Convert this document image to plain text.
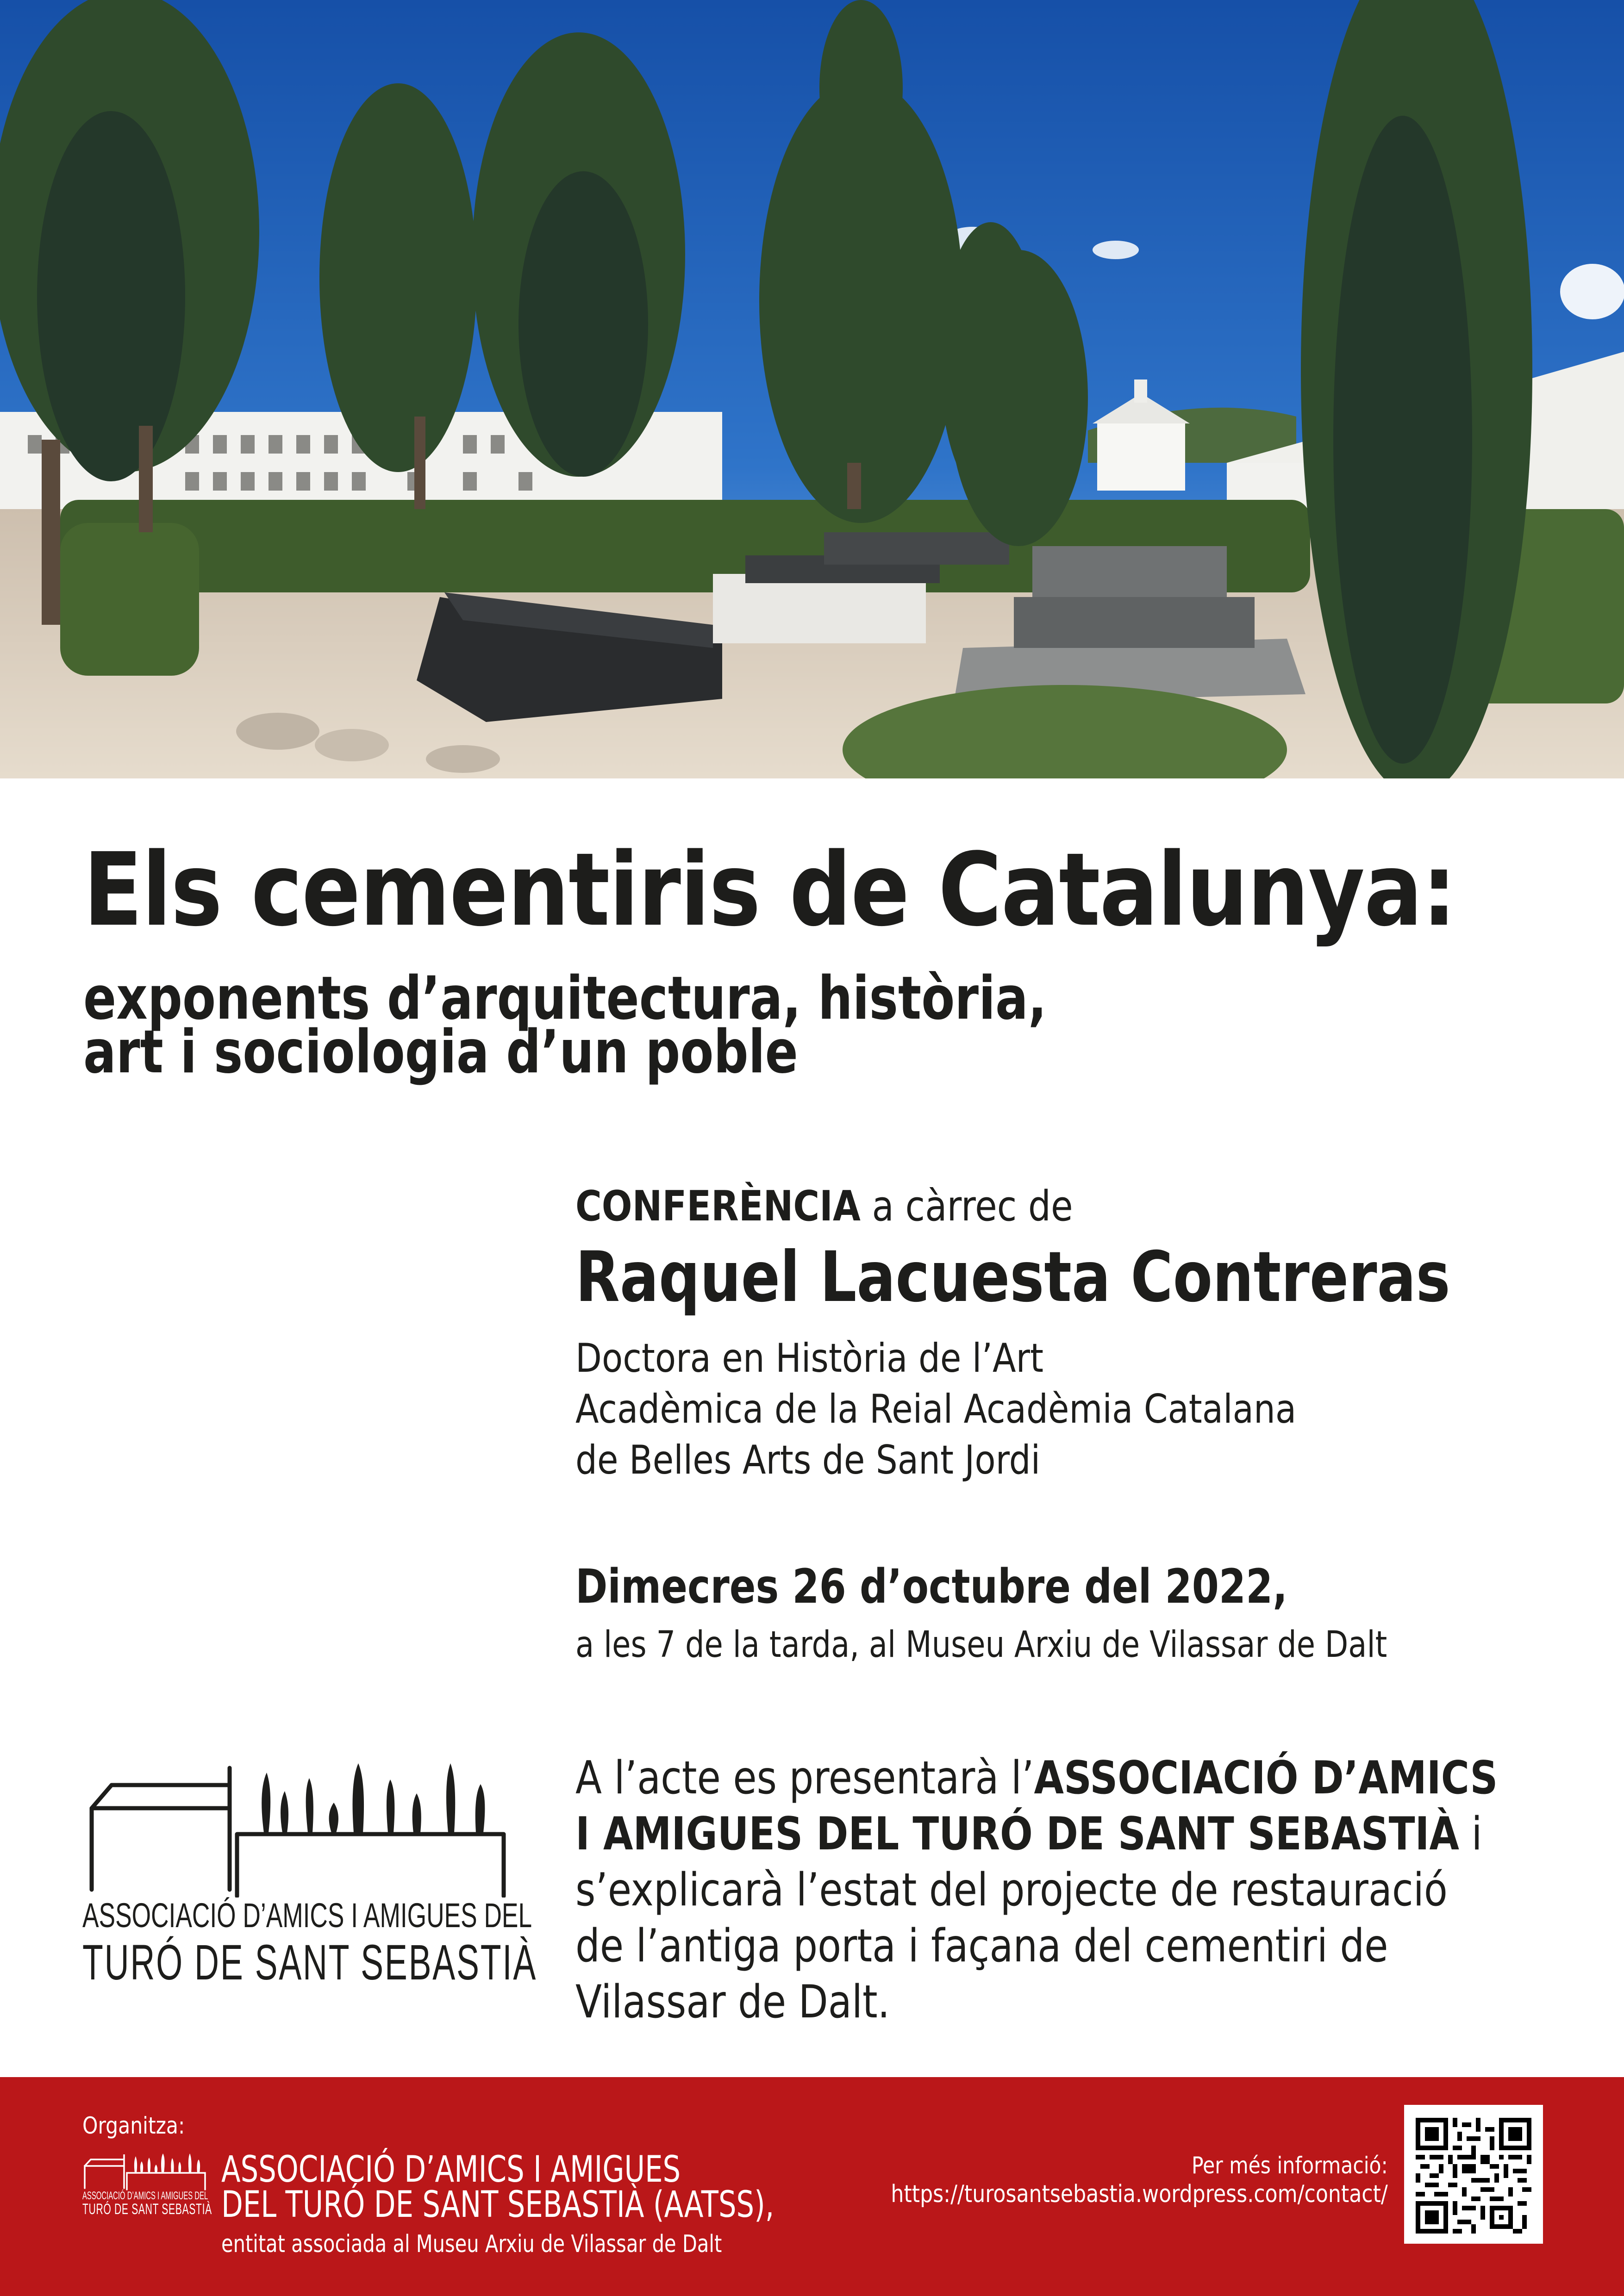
Els cementiris de Catalunya:
exponents d’arquitectura, història,
art i sociologia d’un poble
CONFERÈNCIA a càrrec de
Raquel Lacuesta Contreras
Doctora en Història de l’Art
Acadèmica de la Reial Acadèmia Catalana
de Belles Arts de Sant Jordi
Dimecres 26 d’octubre del 2022,
a les 7 de la tarda, al Museu Arxiu de Vilassar de Dalt
A l’acte es presentarà l’ASSOCIACIÓ D’AMICS
I AMIGUES DEL TURÓ DE SANT SEBASTIÀ i
s’explicarà l’estat del projecte de restauració
de l’antiga porta i façana del cementiri de
Vilassar de Dalt.
ASSOCIACIÓ D’AMICS I AMIGUES DEL
TURÓ DE SANT SEBASTIÀ
Organitza:
ASSOCIACIÓ D’AMICS I AMIGUES DEL
TURÓ DE SANT SEBASTIÀ
ASSOCIACIÓ D’AMICS I AMIGUES
DEL TURÓ DE SANT SEBASTIÀ (AATSS),
entitat associada al Museu Arxiu de Vilassar de Dalt
Per més informació:
https://turosantsebastia.wordpress.com/contact/
